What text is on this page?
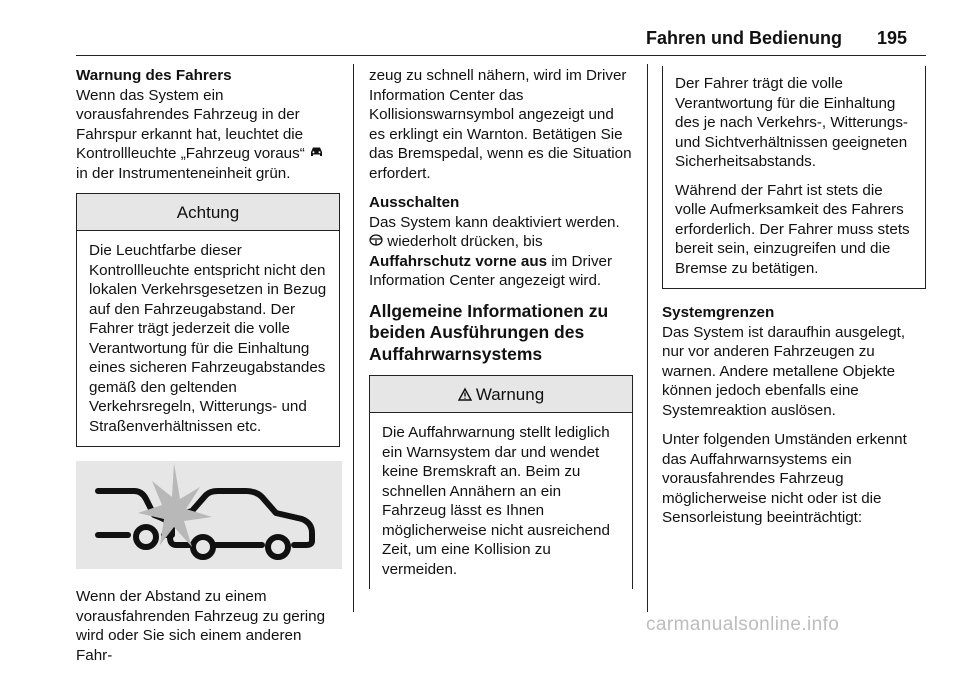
Fahren und Bedienung 195
Warnung des Fahrers

Wenn das System ein vorausfahrendes Fahrzeug in der Fahrspur erkannt hat, leuchtet die Kontrollleuchte „Fahrzeug voraus“  in der Instrumenteneinheit grün.

Achtung

Die Leuchtfarbe dieser Kontrollleuchte entspricht nicht den lokalen Verkehrsgesetzen in Bezug auf den Fahrzeugabstand. Der Fahrer trägt jederzeit die volle Verantwortung für die Einhaltung eines sicheren Fahrzeugabstandes gemäß den geltenden Verkehrsregeln, Witterungs- und Straßenverhältnissen etc.

Wenn der Abstand zu einem vorausfahrenden Fahrzeug zu gering wird oder Sie sich einem anderen Fahr-

zeug zu schnell nähern, wird im Driver Information Center das Kollisionswarnsymbol angezeigt und es erklingt ein Warnton. Betätigen Sie das Bremspedal, wenn es die Situation erfordert.

Ausschalten

Das System kann deaktiviert werden.
wiederholt drücken, bis
Auffahrschutz vorne aus im Driver Information Center angezeigt wird.

Allgemeine Informationen zu beiden Ausführungen des Auffahrwarnsystems
Warnung

Die Auffahrwarnung stellt lediglich ein Warnsystem dar und wendet keine Bremskraft an. Beim zu schnellen Annähern an ein Fahrzeug lässt es Ihnen möglicherweise nicht ausreichend Zeit, um eine Kollision zu vermeiden.

Der Fahrer trägt die volle Verantwortung für die Einhaltung des je nach Verkehrs-, Witterungs- und Sichtverhältnissen geeigneten Sicherheitsabstands.

Während der Fahrt ist stets die volle Aufmerksamkeit des Fahrers erforderlich. Der Fahrer muss stets bereit sein, einzugreifen und die Bremse zu betätigen.

Systemgrenzen

Das System ist daraufhin ausgelegt, nur vor anderen Fahrzeugen zu warnen. Andere metallene Objekte können jedoch ebenfalls eine Systemreaktion auslösen.

Unter folgenden Umständen erkennt das Auffahrwarnsystems ein vorausfahrendes Fahrzeug möglicherweise nicht oder ist die Sensorleistung beeinträchtigt:

carmanualsonline.info
